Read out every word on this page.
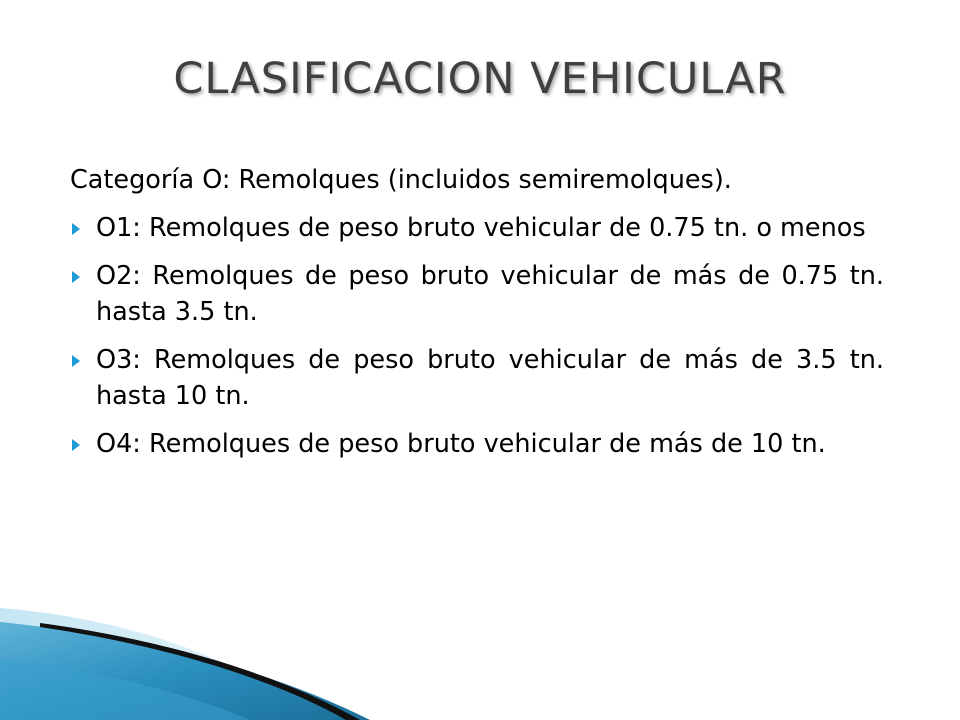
CLASIFICACION VEHICULAR

Categoría O: Remolques (incluidos semiremolques).

O1: Remolques de peso bruto vehicular de 0.75 tn. o menos
O2: Remolques de peso bruto vehicular de más de 0.75 tn. hasta 3.5 tn.
O3: Remolques de peso bruto vehicular de más de 3.5 tn. hasta 10 tn.
O4: Remolques de peso bruto vehicular de más de 10 tn.
